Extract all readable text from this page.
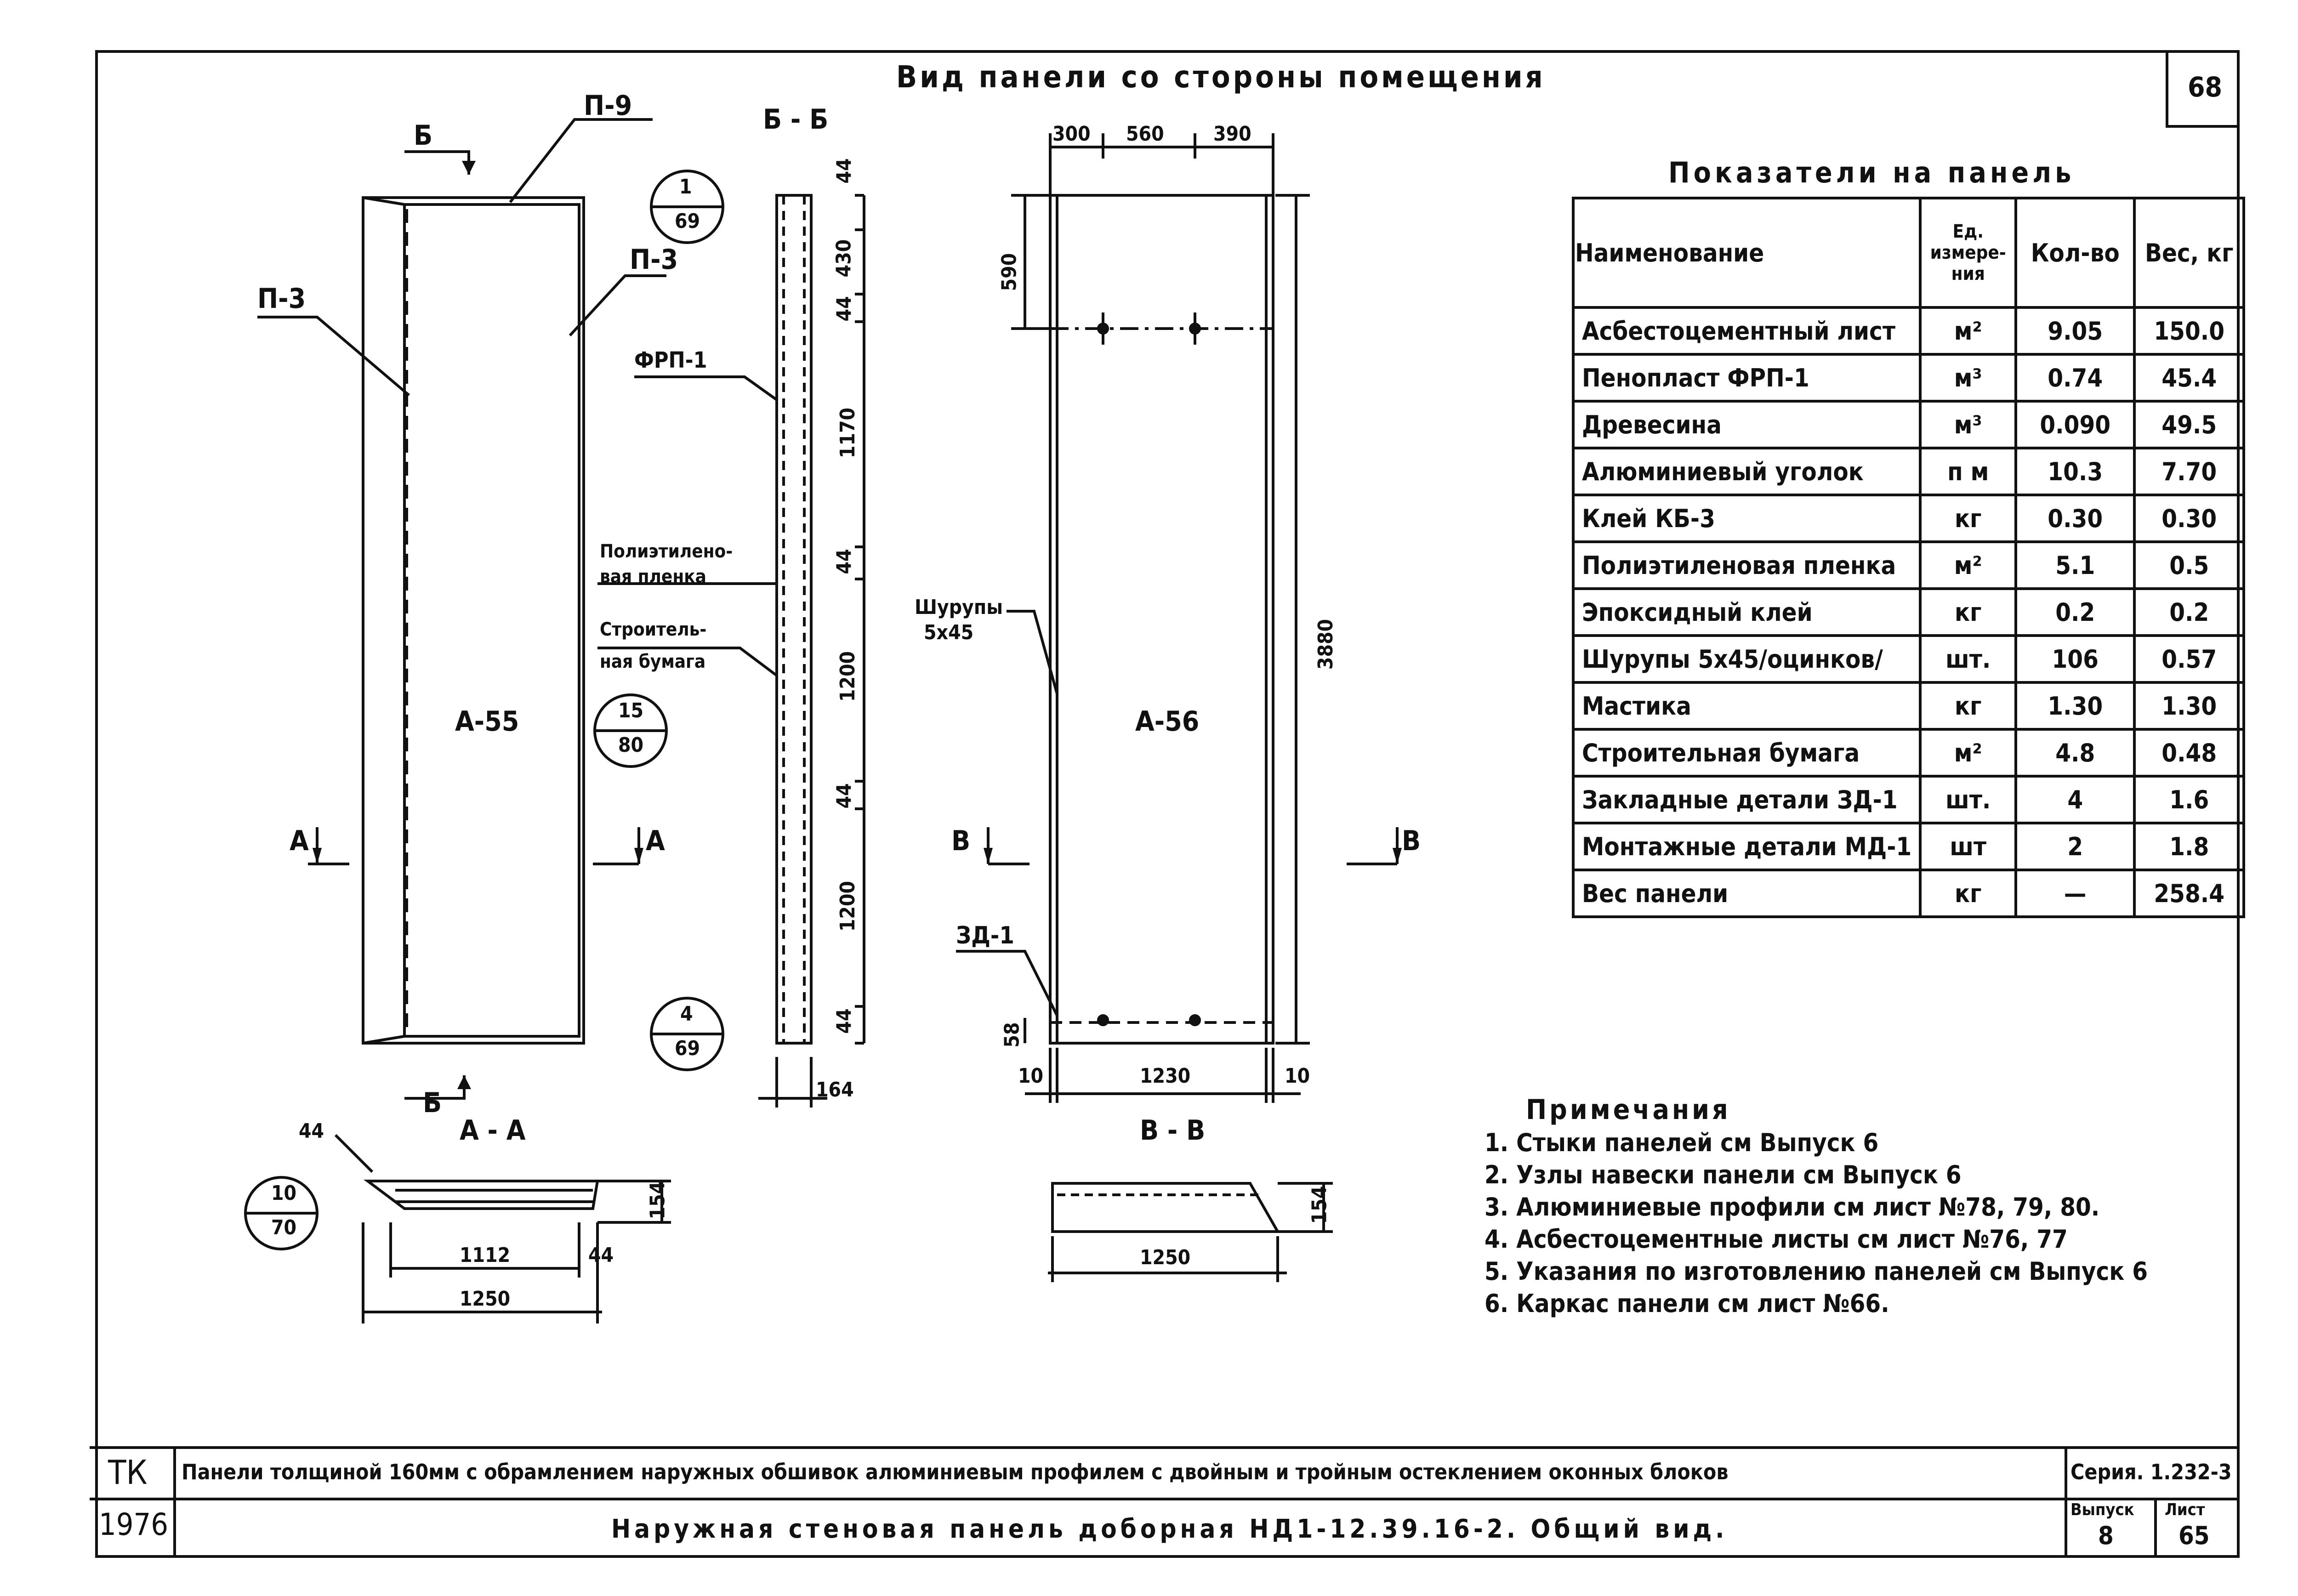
68
Вид панели со стороны помещения
П-9
П-3
П-3
А-55
Б
Б
А	А
1
69
15
80
4
69
Б - Б
44
430
44
1170
44
1200
44
1200
44
164
ФРП-1
Полиэтилено-
вая пленка
Строитель-
ная бумага
300 560 390
590
3880
58
10	1230	10
А-56
Шурупы
5х45
ЗД-1
В	В
А - А
44
154
1112	44
1250
10
70
В - В
154
1250
Показатели на панель
Наименование	Ед. измере-ния	Кол-во	Вес, кг
Асбестоцементный лист	м²	9.05	150.0
Пенопласт ФРП-1	м³	0.74	45.4
Древесина	м³	0.090	49.5
Алюминиевый уголок	п м	10.3	7.70
Клей КБ-3	кг	0.30	0.30
Полиэтиленовая пленка	м²	5.1	0.5
Эпоксидный клей	кг	0.2	0.2
Шурупы 5х45/оцинков/	шт.	106	0.57
Мастика	кг	1.30	1.30
Строительная бумага	м²	4.8	0.48
Закладные детали ЗД-1	шт.	4	1.6
Монтажные детали МД-1	шт	2	1.8
Вес панели	кг	—	258.4
Примечания
1. Стыки панелей см Выпуск 6
2. Узлы навески панели см Выпуск 6
3. Алюминиевые профили см лист №78, 79, 80.
4. Асбестоцементные листы см лист №76, 77
5. Указания по изготовлению панелей см Выпуск 6
6. Каркас панели см лист №66.
ТК
1976
Панели толщиной 160мм с обрамлением наружных обшивок алюминиевым профилем с двойным и тройным остеклением оконных блоков
Наружная стеновая панель доборная НД1-12.39.16-2. Общий вид.
Серия. 1.232-3
Выпуск
8
Лист
65
